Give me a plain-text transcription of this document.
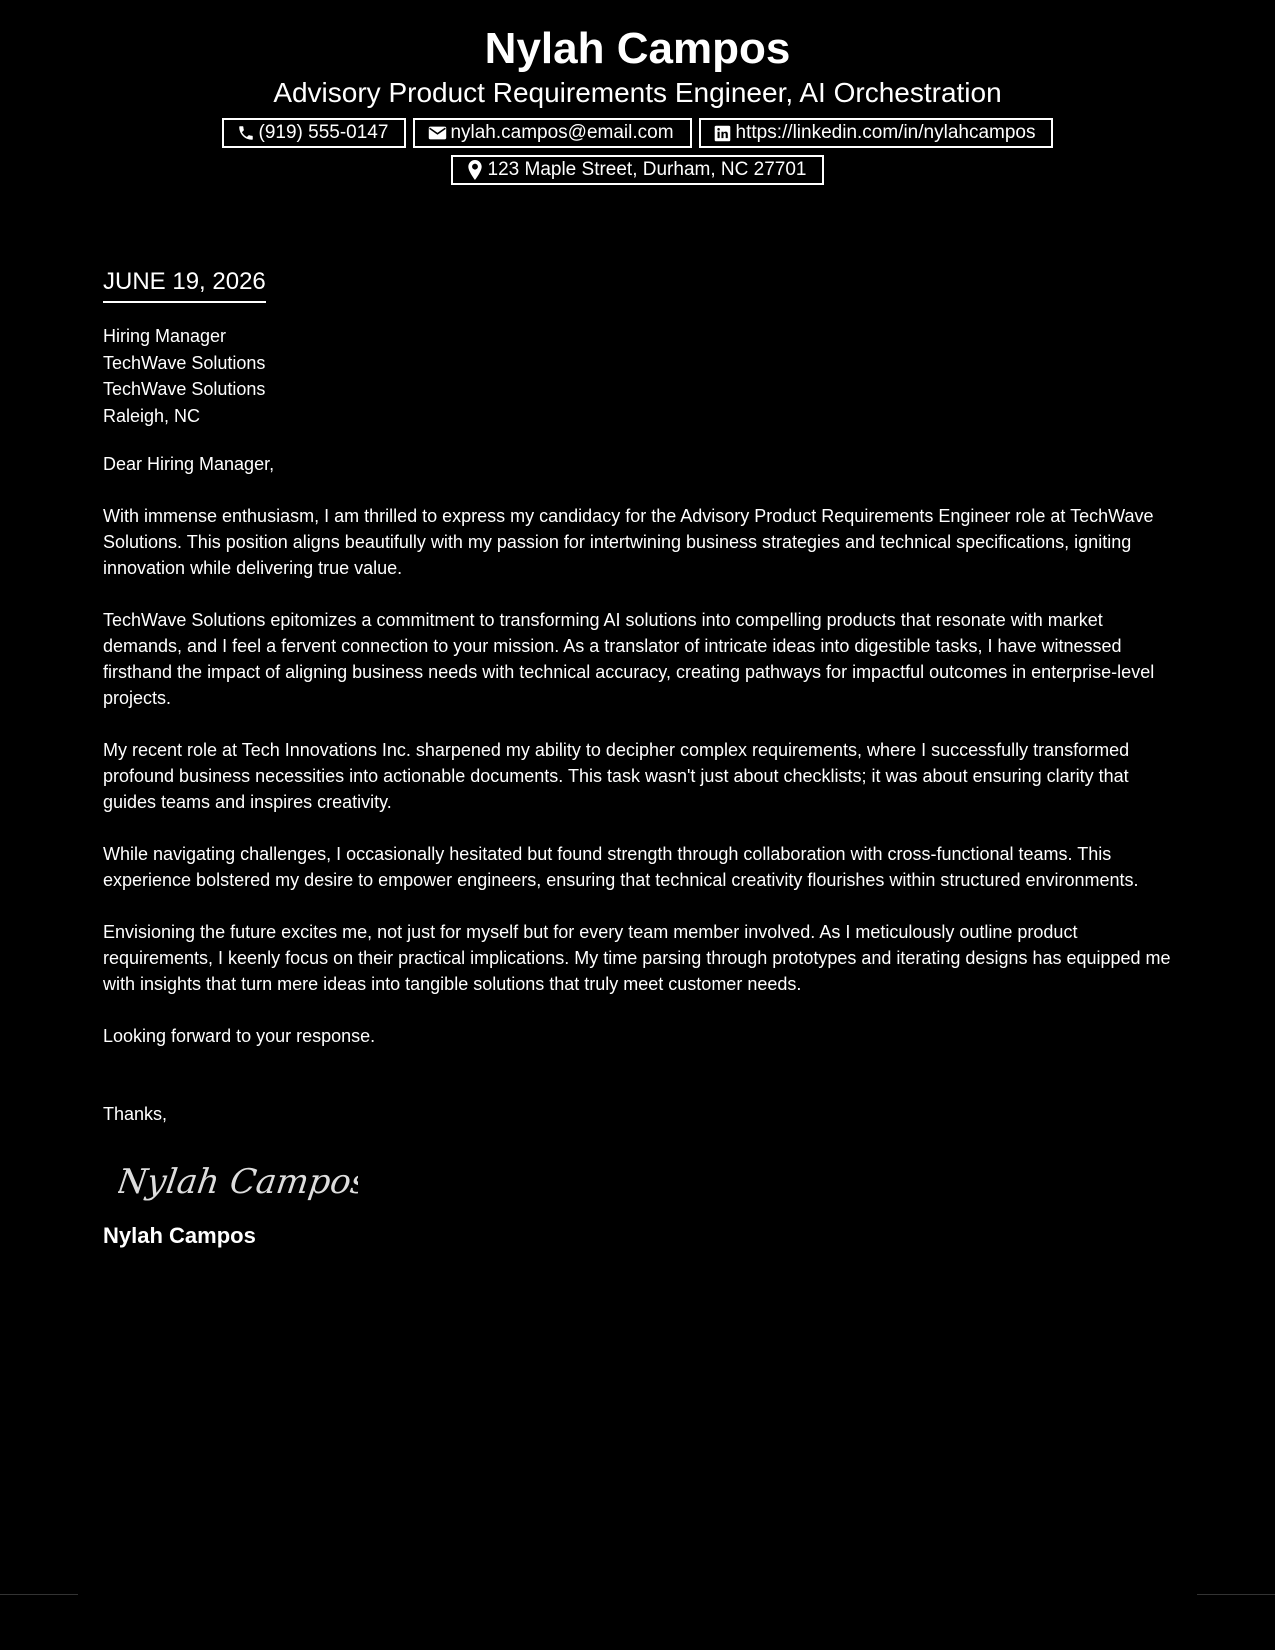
Nylah Campos
Advisory Product Requirements Engineer, AI Orchestration
(919) 555-0147	nylah.campos@email.com	https://linkedin.com/in/nylahcampos
123 Maple Street, Durham, NC 27701
JUNE 19, 2026
Hiring Manager
TechWave Solutions
TechWave Solutions
Raleigh, NC
Dear Hiring Manager,
With immense enthusiasm, I am thrilled to express my candidacy for the Advisory Product Requirements Engineer role at TechWave Solutions. This position aligns beautifully with my passion for intertwining business strategies and technical specifications, igniting innovation while delivering true value.
TechWave Solutions epitomizes a commitment to transforming AI solutions into compelling products that resonate with market demands, and I feel a fervent connection to your mission. As a translator of intricate ideas into digestible tasks, I have witnessed firsthand the impact of aligning business needs with technical accuracy, creating pathways for impactful outcomes in enterprise-level projects.
My recent role at Tech Innovations Inc. sharpened my ability to decipher complex requirements, where I successfully transformed profound business necessities into actionable documents. This task wasn't just about checklists; it was about ensuring clarity that guides teams and inspires creativity.
While navigating challenges, I occasionally hesitated but found strength through collaboration with cross-functional teams. This experience bolstered my desire to empower engineers, ensuring that technical creativity flourishes within structured environments.
Envisioning the future excites me, not just for myself but for every team member involved. As I meticulously outline product requirements, I keenly focus on their practical implications. My time parsing through prototypes and iterating designs has equipped me with insights that turn mere ideas into tangible solutions that truly meet customer needs.
Looking forward to your response.
Thanks,
Nylah Campos
Nylah Campos
